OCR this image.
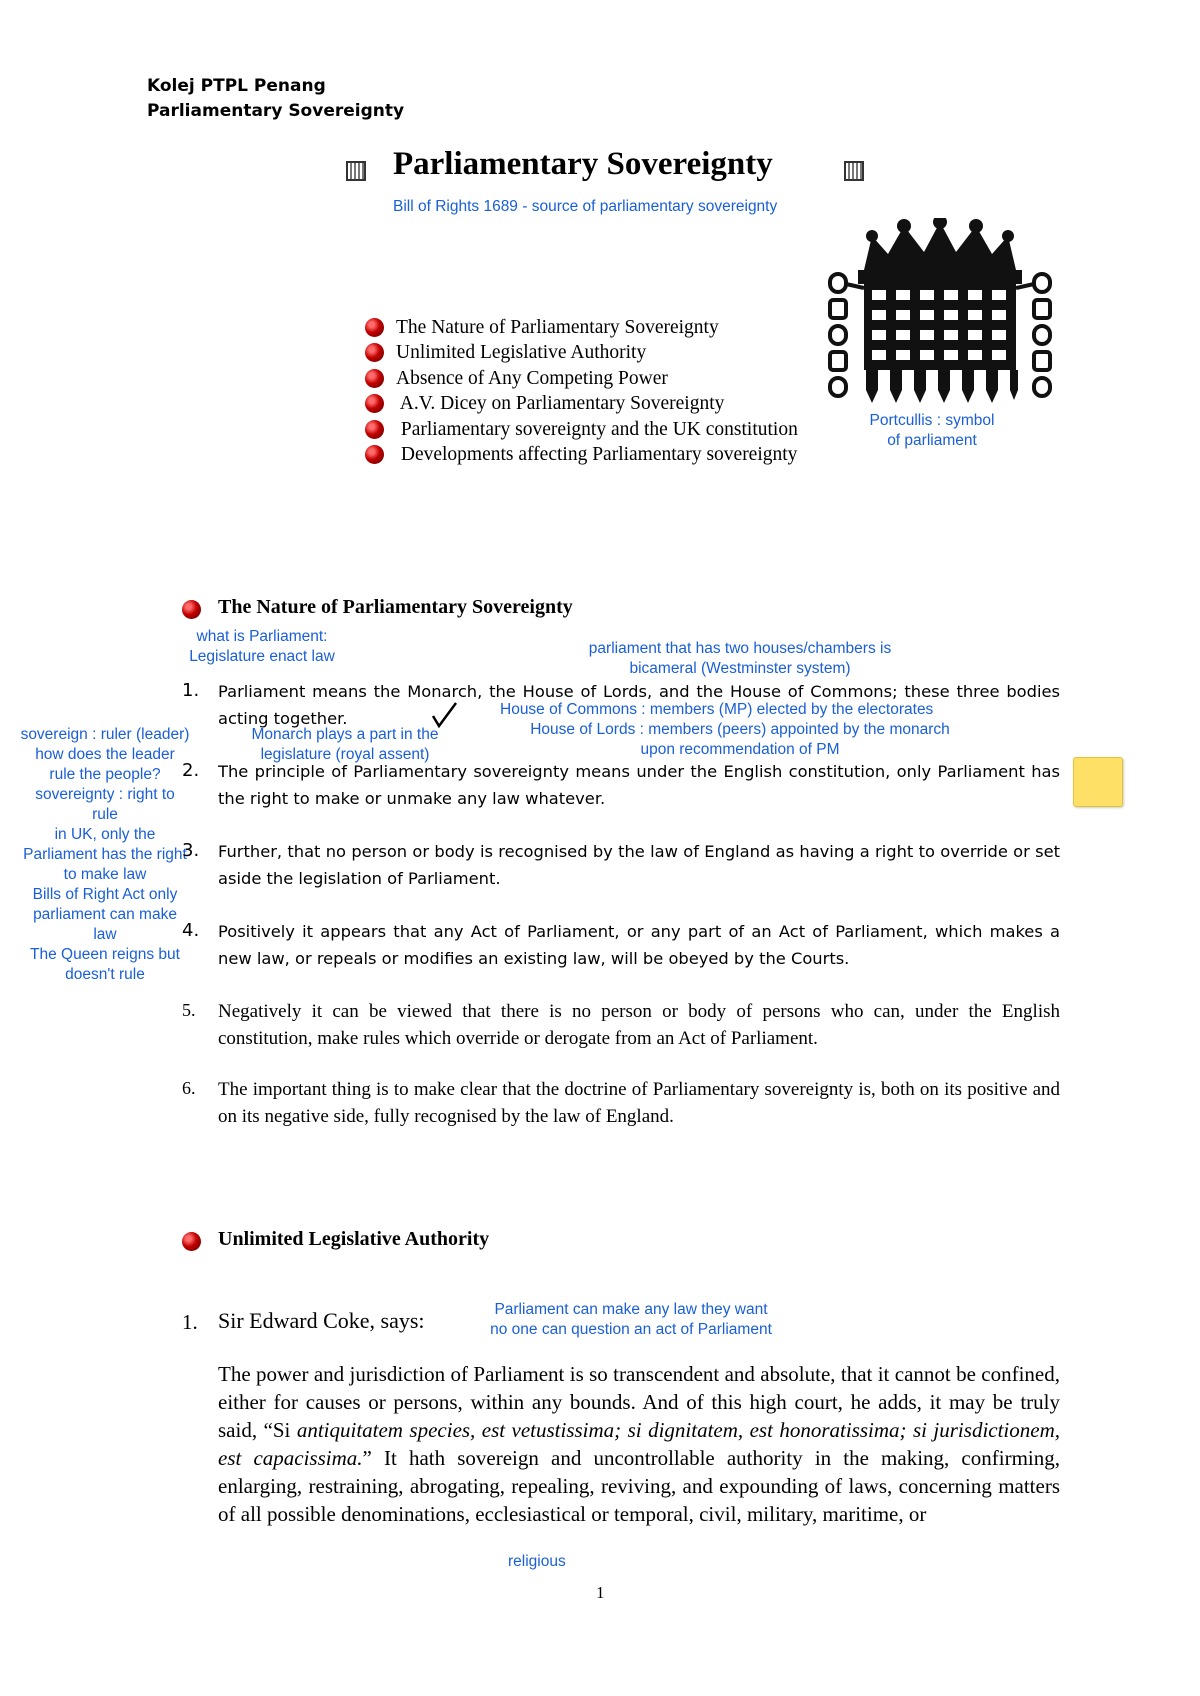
Kolej PTPL Penang
Parliamentary Sovereignty
Parliamentary Sovereignty
Bill of Rights 1689 - source of parliamentary sovereignty
Portcullis : symbol
of parliament
The Nature of Parliamentary Sovereignty
Unlimited Legislative Authority
Absence of Any Competing Power
A.V. Dicey on Parliamentary Sovereignty
Parliamentary sovereignty and the UK constitution
Developments affecting Parliamentary sovereignty
The Nature of Parliamentary Sovereignty
what is Parliament:
Legislature enact law	parliament that has two houses/chambers is
bicameral (Westminster system)
1. Parliament means the Monarch, the House of Lords, and the House of Commons; these three bodies acting together.	House of Commons : members (MP) elected by the electorates
House of Lords : members (peers) appointed by the monarch
upon recommendation of PM
Monarch plays a part in the
legislature (royal assent)
sovereign : ruler (leader)
how does the leader
rule the people?
sovereignty : right to
rule
in UK, only the
Parliament has the right
to make law
Bills of Right Act only
parliament can make
law
The Queen reigns but
doesn't rule
2. The principle of Parliamentary sovereignty means under the English constitution, only Parliament has the right to make or unmake any law whatever.
3. Further, that no person or body is recognised by the law of England as having a right to override or set aside the legislation of Parliament.
4. Positively it appears that any Act of Parliament, or any part of an Act of Parliament, which makes a new law, or repeals or modifies an existing law, will be obeyed by the Courts.
5. Negatively it can be viewed that there is no person or body of persons who can, under the English constitution, make rules which override or derogate from an Act of Parliament.
6. The important thing is to make clear that the doctrine of Parliamentary sovereignty is, both on its positive and on its negative side, fully recognised by the law of England.
Unlimited Legislative Authority
1. Sir Edward Coke, says:	Parliament can make any law they want
no one can question an act of Parliament
The power and jurisdiction of Parliament is so transcendent and absolute, that it cannot be confined, either for causes or persons, within any bounds. And of this high court, he adds, it may be truly said, “Si antiquitatem species, est vetustissima; si dignitatem, est honoratissima; si jurisdictionem, est capacissima.” It hath sovereign and uncontrollable authority in the making, confirming, enlarging, restraining, abrogating, repealing, reviving, and expounding of laws, concerning matters of all possible denominations, ecclesiastical or temporal, civil, military, maritime, or
religious
1
